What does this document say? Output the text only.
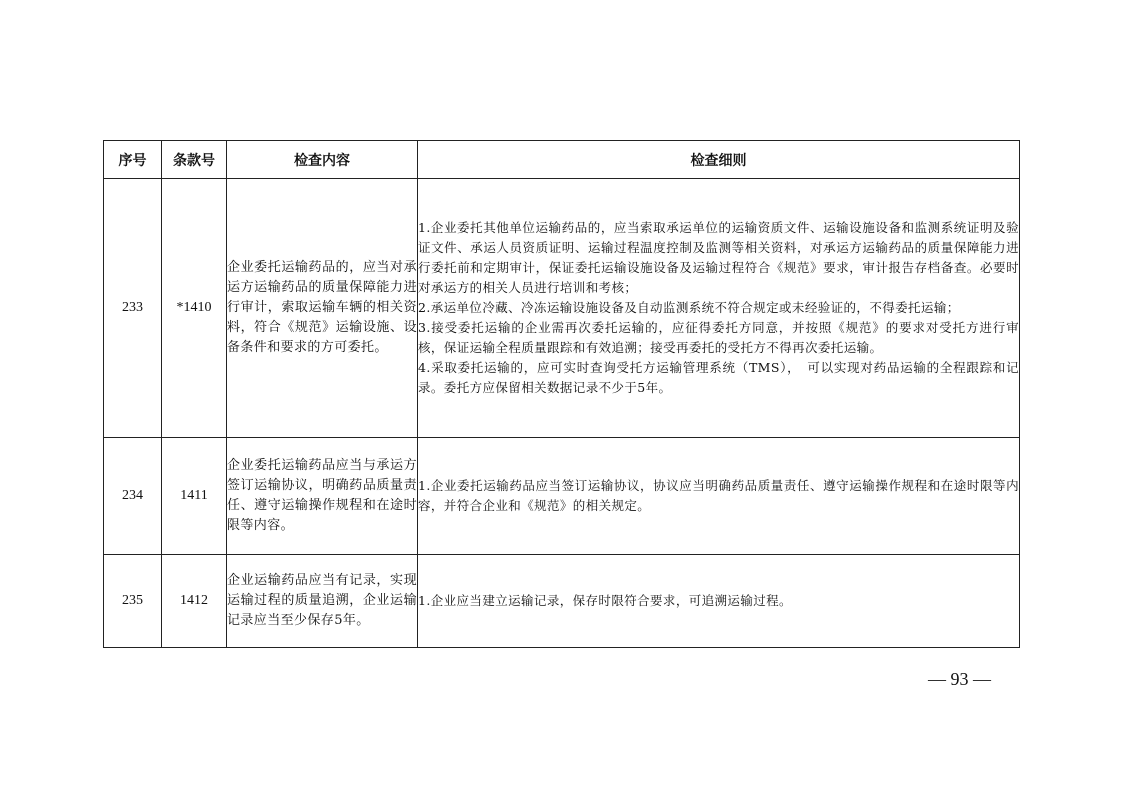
序号	条款号	检查内容	检查细则
233	*1410	企业委托运输药品的，应当对承运方运输药品的质量保障能力进行审计，索取运输车辆的相关资料，符合《规范》运输设施、设备条件和要求的方可委托。	1.企业委托其他单位运输药品的，应当索取承运单位的运输资质文件、运输设施设备和监测系统证明及验证文件、承运人员资质证明、运输过程温度控制及监测等相关资料，对承运方运输药品的质量保障能力进行委托前和定期审计，保证委托运输设施设备及运输过程符合《规范》要求，审计报告存档备查。必要时对承运方的相关人员进行培训和考核；
2.承运单位冷藏、冷冻运输设施设备及自动监测系统不符合规定或未经验证的，不得委托运输；
3.接受委托运输的企业需再次委托运输的，应征得委托方同意，并按照《规范》的要求对受托方进行审核，保证运输全程质量跟踪和有效追溯；接受再委托的受托方不得再次委托运输。
4.采取委托运输的，应可实时查询受托方运输管理系统（TMS），　可以实现对药品运输的全程跟踪和记录。委托方应保留相关数据记录不少于5年。

234	1411	企业委托运输药品应当与承运方签订运输协议，明确药品质量责任、遵守运输操作规程和在途时限等内容。	1.企业委托运输药品应当签订运输协议，协议应当明确药品质量责任、遵守运输操作规程和在途时限等内容，并符合企业和《规范》的相关规定。

235	1412	企业运输药品应当有记录，实现运输过程的质量追溯，企业运输记录应当至少保存5年。	1.企业应当建立运输记录，保存时限符合要求，可追溯运输过程。
— 93 —
